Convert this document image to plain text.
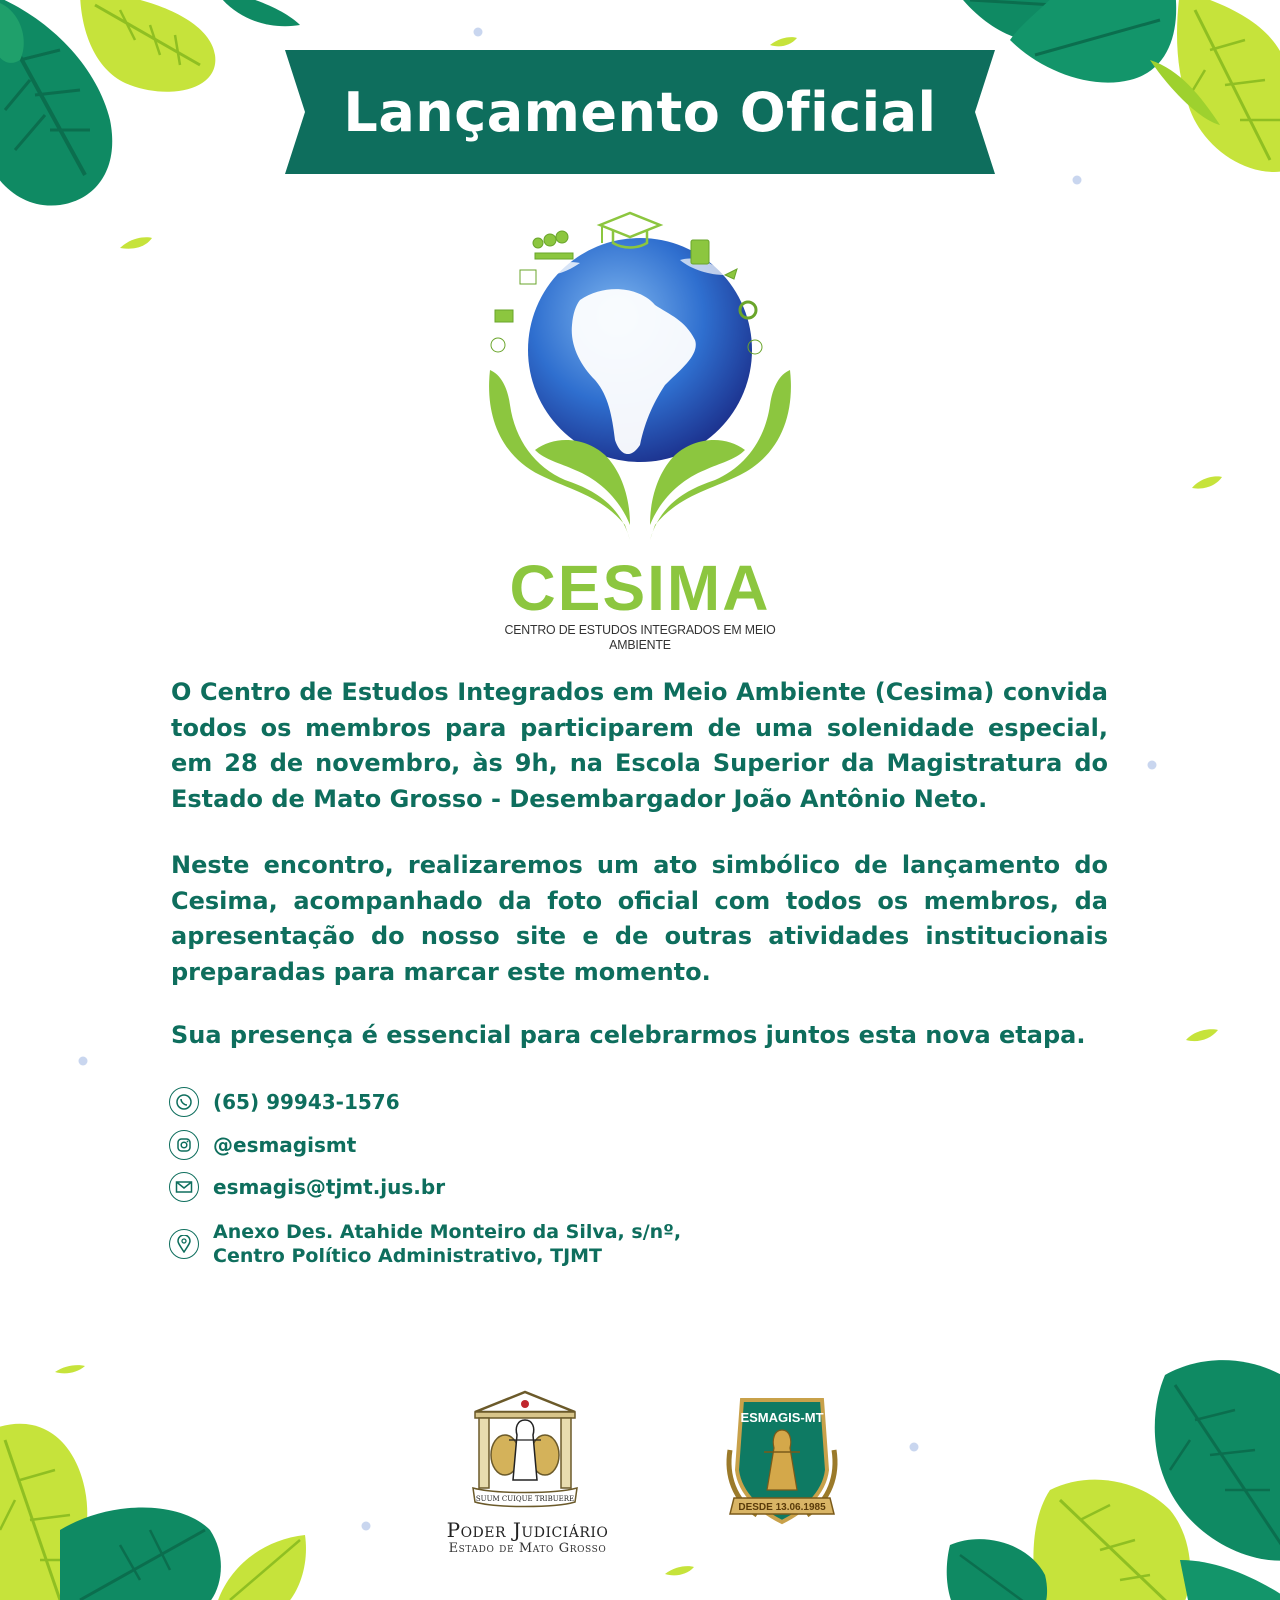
Lançamento Oficial
CESIMA
CENTRO DE ESTUDOS INTEGRADOS EM MEIO AMBIENTE

O Centro de Estudos Integrados em Meio Ambiente (Cesima) convida todos os membros para participarem de uma solenidade especial, em 28 de novembro, às 9h, na Escola Superior da Magistratura do Estado de Mato Grosso - Desembargador João Antônio Neto.

Neste encontro, realizaremos um ato simbólico de lançamento do Cesima, acompanhado da foto oficial com todos os membros, da apresentação do nosso site e de outras atividades institucionais preparadas para marcar este momento.

Sua presença é essencial para celebrarmos juntos esta nova etapa.

(65) 99943-1576
@esmagismt
esmagis@tjmt.jus.br
Anexo Des. Atahide Monteiro da Silva, s/nº,
Centro Político Administrativo, TJMT
SUUM CUIQUE TRIBUERE
Poder Judiciário
Estado de Mato Grosso
ESMAGIS-MT
DESDE 13.06.1985
